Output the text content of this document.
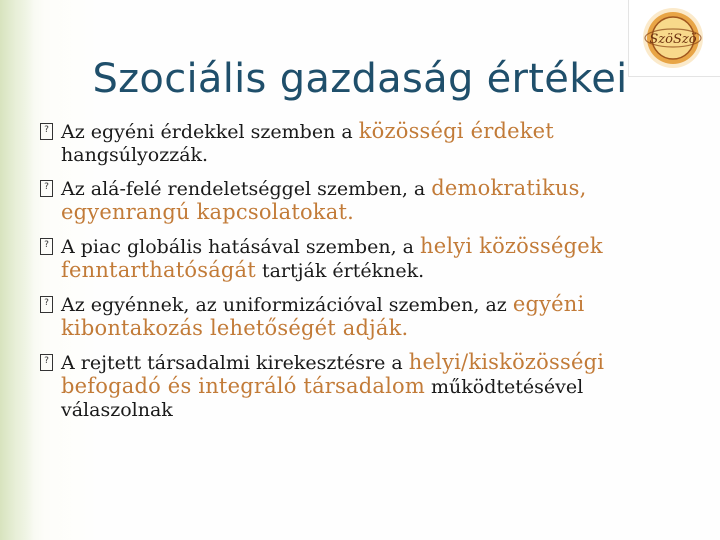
SzöSzö
Szociális gazdaság értékei
? Az egyéni érdekkel szemben a közösségi érdeket hangsúlyozzák.
? Az alá-felé rendeletséggel szemben, a demokratikus, egyenrangú kapcsolatokat.
? A piac globális hatásával szemben, a helyi közösségek fenntarthatóságát tartják értéknek.
? Az egyénnek, az uniformizációval szemben, az egyéni kibontakozás lehetőségét adják.
? A rejtett társadalmi kirekesztésre a helyi/kisközösségi befogadó és integráló társadalom működtetésével válaszolnak
